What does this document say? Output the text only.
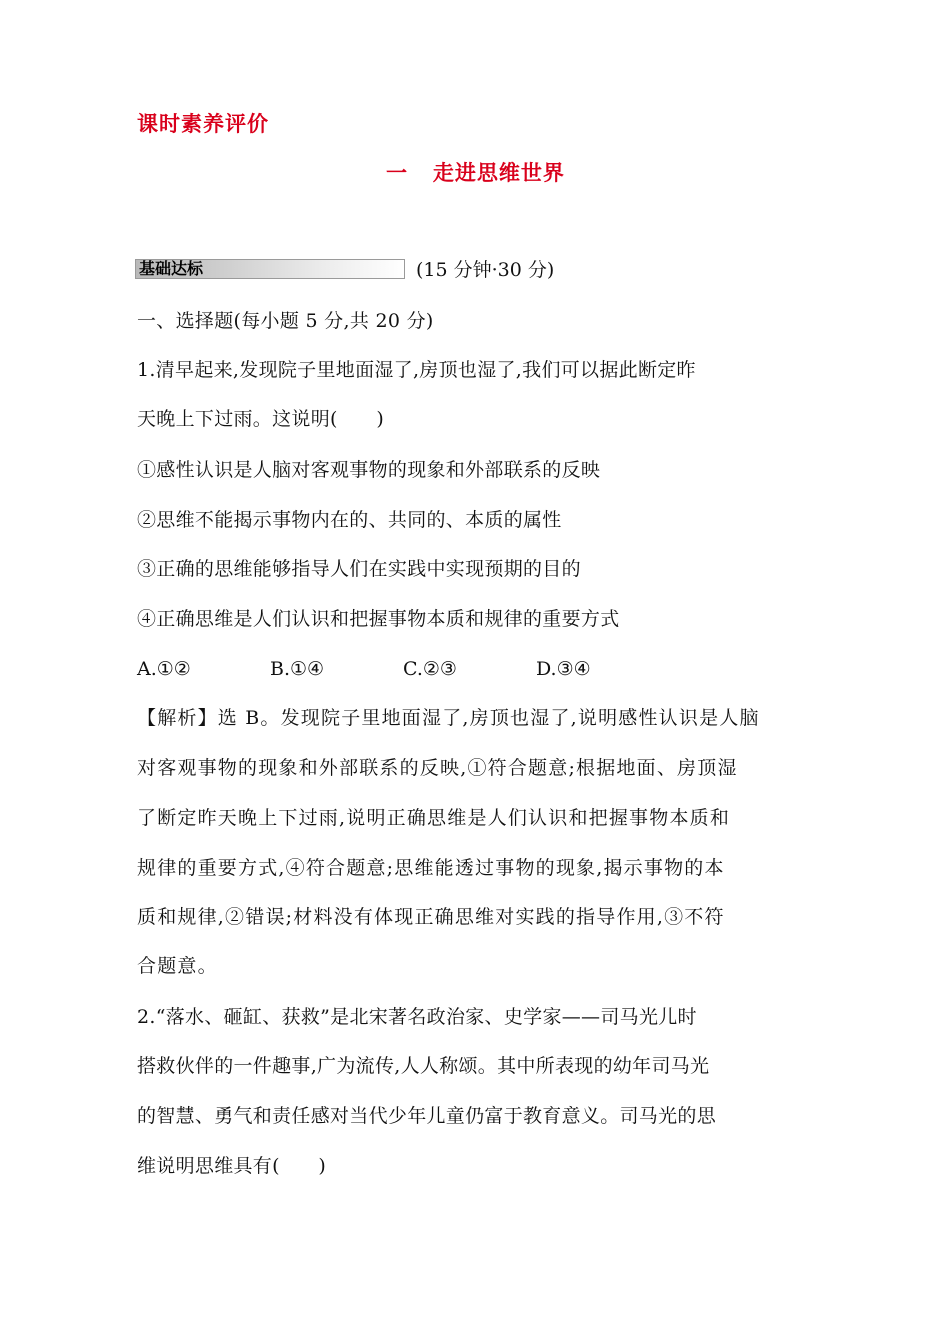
课时素养评价
一   走进思维世界
基础达标	(15 分钟·30 分)
一、选择题(每小题 5 分,共 20 分)
1.清早起来,发现院子里地面湿了,房顶也湿了,我们可以据此断定昨
天晚上下过雨。这说明(　　)
①感性认识是人脑对客观事物的现象和外部联系的反映
②思维不能揭示事物内在的、共同的、本质的属性
③正确的思维能够指导人们在实践中实现预期的目的
④正确思维是人们认识和把握事物本质和规律的重要方式
A.①②	B.①④	C.②③	D.③④
【解析】选 B。发现院子里地面湿了,房顶也湿了,说明感性认识是人脑
对客观事物的现象和外部联系的反映,①符合题意;根据地面、房顶湿
了断定昨天晚上下过雨,说明正确思维是人们认识和把握事物本质和
规律的重要方式,④符合题意;思维能透过事物的现象,揭示事物的本
质和规律,②错误;材料没有体现正确思维对实践的指导作用,③不符
合题意。
2.“落水、砸缸、获救”是北宋著名政治家、史学家——司马光儿时
搭救伙伴的一件趣事,广为流传,人人称颂。其中所表现的幼年司马光
的智慧、勇气和责任感对当代少年儿童仍富于教育意义。司马光的思
维说明思维具有(　　)
